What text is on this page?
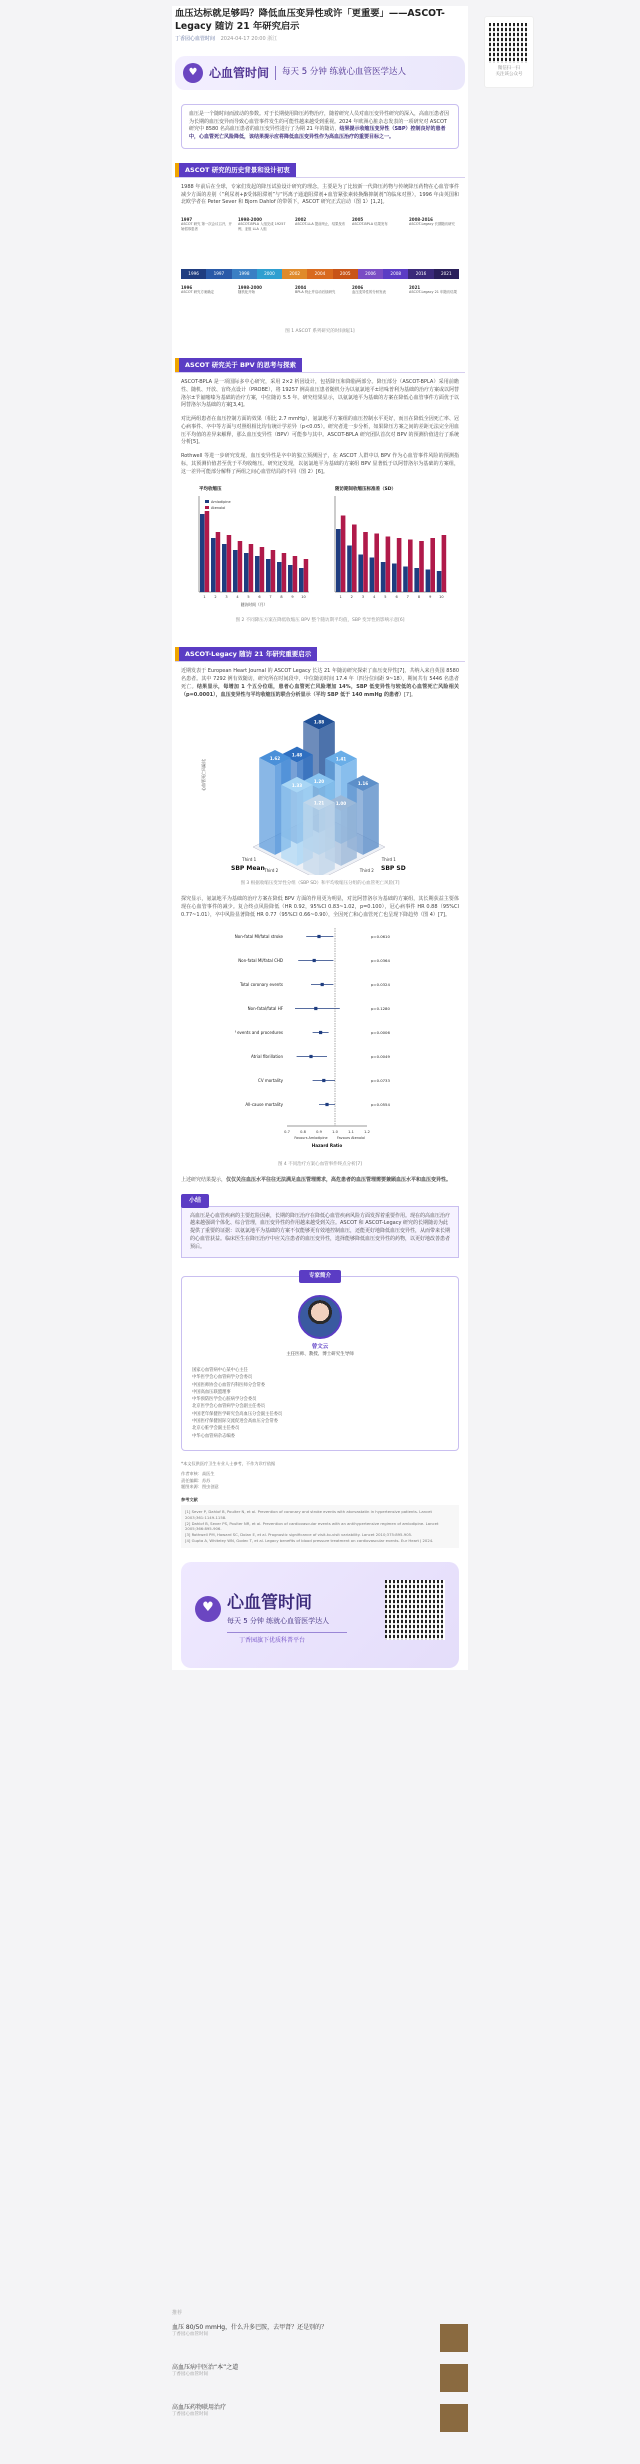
血压达标就足够吗？降低血压变异性或许「更重要」——ASCOT-Legacy 随访 21 年研究启示
丁香园心血管时间 2024-04-17 20:00 浙江
♥ 心血管时间 每天 5 分钟 练就心血管医学达人
血压是一个随时间而波动的参数。对于长期使用降压药物治疗，随着研究人员对血压变异性研究的深入，高血压患者因为长期的血压变异而导致心血管事件发生的可能性越来越受到重视。2024 年欧洲心脏杂志发表的一项研究对 ASCOT 研究中 8580 名高血压患者的血压变异性进行了为期 21 年的随访，结果提示收缩压变异性（SBP）控制良好的患者中，心血管死亡风险降低，该结果提示应将降低血压变异性作为高血压治疗的重要目标之一。
ASCOT 研究的历史背景和设计初衷

1988 年前后在全球，专家们发起的降压试验设计研究的理念，主要是为了比较新一代降压药物与传统降压药物在心血管事件减少方面的差别（“利尿剂+β受体阻滞剂”与“钙离子通道阻滞剂+血管紧张素转换酶抑制剂”的临床对照），1996 年由英国和北欧学者在 Peter Sever 和 Bjorn Dahlof 的带领下，ASCOT 研究正式启动（图 1）[1,2]。

1997
ASCOT 研究 第一次会议召开，开始招募患者
1998-2000
ASCOT-BPLA 入组完成 19257 例，亚组 LLA 入组
2002
ASCOT-LLA 提前终止，结果发布
2005
ASCOT-BPLA 结果发布
2008-2016
ASCOT-Legacy 长期随访研究
1996	1997	1998	2000	2002	2004	2005	2006	2008	2016	2021
1996
ASCOT 研究方案确定
1998-2000
随机化开始
2004
BPLA 终止并启动后续研究
2006
血压变异性的分析发表
2021
ASCOT-Legacy 21 年随访结果
图 1 ASCOT 系列研究的时间线[1]
ASCOT 研究关于 BPV 的思考与探索

ASCOT-BPLA 是一项国际多中心研究，采用 2×2 析因设计，包括降压和降脂两部分。降压部分（ASCOT-BPLA）采用前瞻性、随机、开放、盲终点设计（PROBE），将 19257 例高血压患者随机分为以氨氯地平±培哚普利为基础的治疗方案或以阿替洛尔±苄氟噻嗪为基础的治疗方案，中位随访 5.5 年。研究结果显示，以氨氯地平为基础的方案在降低心血管事件方面优于以阿替洛尔为基础的方案[3,4]。

对比两组患者在血压控制方面的效果（相比 2.7 mmHg），氨氯地平方案组的血压控制水平更好，而且在降低全因死亡率、冠心病事件、卒中等方面与对照组相比均有统计学差异（p<0.05）。研究者进一步分析，如果降压方案之间的差距无法完全用血压平均值的差异来解释，那么血压变异性（BPV）可能参与其中。ASCOT-BPLA 研究团队首次对 BPV 的预测价值进行了系统分析[5]。

Rothwell 等进一步研究发现，血压变异性是卒中的独立预测因子，在 ASCOT 人群中以 BPV 作为心血管事件风险的预测指标，其预测价值甚至优于平均收缩压。研究还发现，以氨氯地平为基础的方案组 BPV 显著低于以阿替洛尔为基础的方案组，这一差异可能部分解释了两组之间心血管结局的不同（图 2）[6]。

平均收缩压
1	2	3	4	5	6	7	8	9 10
随访期间收缩压标准差（SD）
1	2	3	4	5	6	7	8	9 10
Amlodipine
Atenolol
随访时间（月）
图 2 不同降压方案在降低收缩压 BPV 整个随访期平均值，SBP 变异性的影响示意[6]
ASCOT-Legacy 随访 21 年研究重要启示

近期发表于 European Heart Journal 的 ASCOT Legacy 长达 21 年随访研究探索了血压变异性[7]，共纳入来自英国 8580 名患者。其中 7292 例有效随访，研究所在时间段中，中位随访时间 17.4 年（四分位间距 9~18），期间共有 5446 名患者死亡。结果显示，每增加 1 个五分位组，患者心血管死亡风险增加 14%，SBP 低变异性与较低的心血管死亡风险相关（p=0.0001），血压变异性与平均收缩压的联合分析显示（平均 SBP 低于 140 mmHg 的患者）[7]。

1.88
1.48
1.41
1.62
1.20	1.16
1.33
1.00
1.21
Third 1
Third 2
Third 1
Third 2
SBP Mean	SBP SD
心血管死亡风险比
图 3 根据收缩压变异性分组（SBP SD）和平均收缩压分组的心血管死亡风险[7]

探究显示，氨氯地平为基础的治疗方案在降低 BPV 方面的作用更为明显，对比阿替洛尔为基础的方案组，其长期获益主要体现在心血管事件的减少。复合终点风险降低（HR 0.92，95%CI 0.83~1.02，p=0.100），冠心病事件 HR 0.88（95%CI 0.77~1.01），卒中风险显著降低 HR 0.77（95%CI 0.66~0.90），全因死亡和心血管死亡也呈现下降趋势（图 4）[7]。

Non-fatal MI/fatal stroke	p=0.0610
Non-fatal MI/fatal CHD	p=0.0364
Total coronary events	p=0.0324
Non-fatal/fatal HF	p=0.1280
events and procedures	p=0.0006
Atrial fibrillation	p=0.0049
CV mortality	p=0.0733
All-cause mortality	p=0.0554
0.7	0.8	0.9	1.0	1.1	1.2
Favours Amlodipine	Favours Atenolol
Hazard Ratio
图 4 不同治疗方案心血管事件终点分析[7]

上述研究结果提示，仅仅关注血压水平往往无法满足血压管理需求，高危患者的血压管理需要兼顾血压水平和血压变异性。

小结
高血压是心血管疾病的主要危险因素，长期的降压治疗在降低心血管疾病风险方面发挥着重要作用。现在的高血压治疗越来越强调个体化、综合管理，血压变异性的作用越来越受到关注。ASCOT 和 ASCOT-Legacy 研究的长期随访为此提供了重要的证据：以氨氯地平为基础的方案不仅能够更有效地控制血压，还能更好地降低血压变异性，从而带来长期的心血管获益。临床医生在降压治疗中应关注患者的血压变异性，选择能够降低血压变异性的药物，以更好地改善患者预后。
专家简介
曾文云
主任医师、教授、博士研究生导师
国家心血管病中心某中心主任
中华医学会心血管病学分会委员
中国医师协会心血管内科医师分会常委
中国高血压联盟理事
中华预防医学会心脏病学分会委员
北京医学会心血管病学分会副主任委员
中国老年保健医学研究会高血压分会副主任委员
中国医疗保健国际交流促进会高血压分会常委
北京心脏学会副主任委员
中华心血管病杂志编委
*本文仅供医疗卫生专业人士参考，不作为诊疗依据
作者审核：高医生
责任编辑：苏苏
题图来源：图虫创意
参考文献
[1] Sever P, Dahlof B, Poulter N, et al. Prevention of coronary and stroke events with atorvastatin in hypertensive patients. Lancet 2003;361:1149-1158.
[2] Dahlof B, Sever PS, Poulter NR, et al. Prevention of cardiovascular events with an antihypertensive regimen of amlodipine. Lancet 2005;366:895-906.
[3] Rothwell PM, Howard SC, Dolan E, et al. Prognostic significance of visit-to-visit variability. Lancet 2010;375:895-905.
[4] Gupta A, Whiteley WN, Godec T, et al. Legacy benefits of blood pressure treatment on cardiovascular events. Eur Heart J 2024.
♥ 心血管时间
每天 5 分钟 练就心血管医学达人
丁香园旗下优质科普平台

微信扫一扫
关注该公众号

推荐
血压 80/50 mmHg，什么升多巴胺，去甲肾？还是别的？
丁香园心血管时间
高血压病中医治“本”之道
丁香园心血管时间
高血压药物联用治疗
丁香园心血管时间
